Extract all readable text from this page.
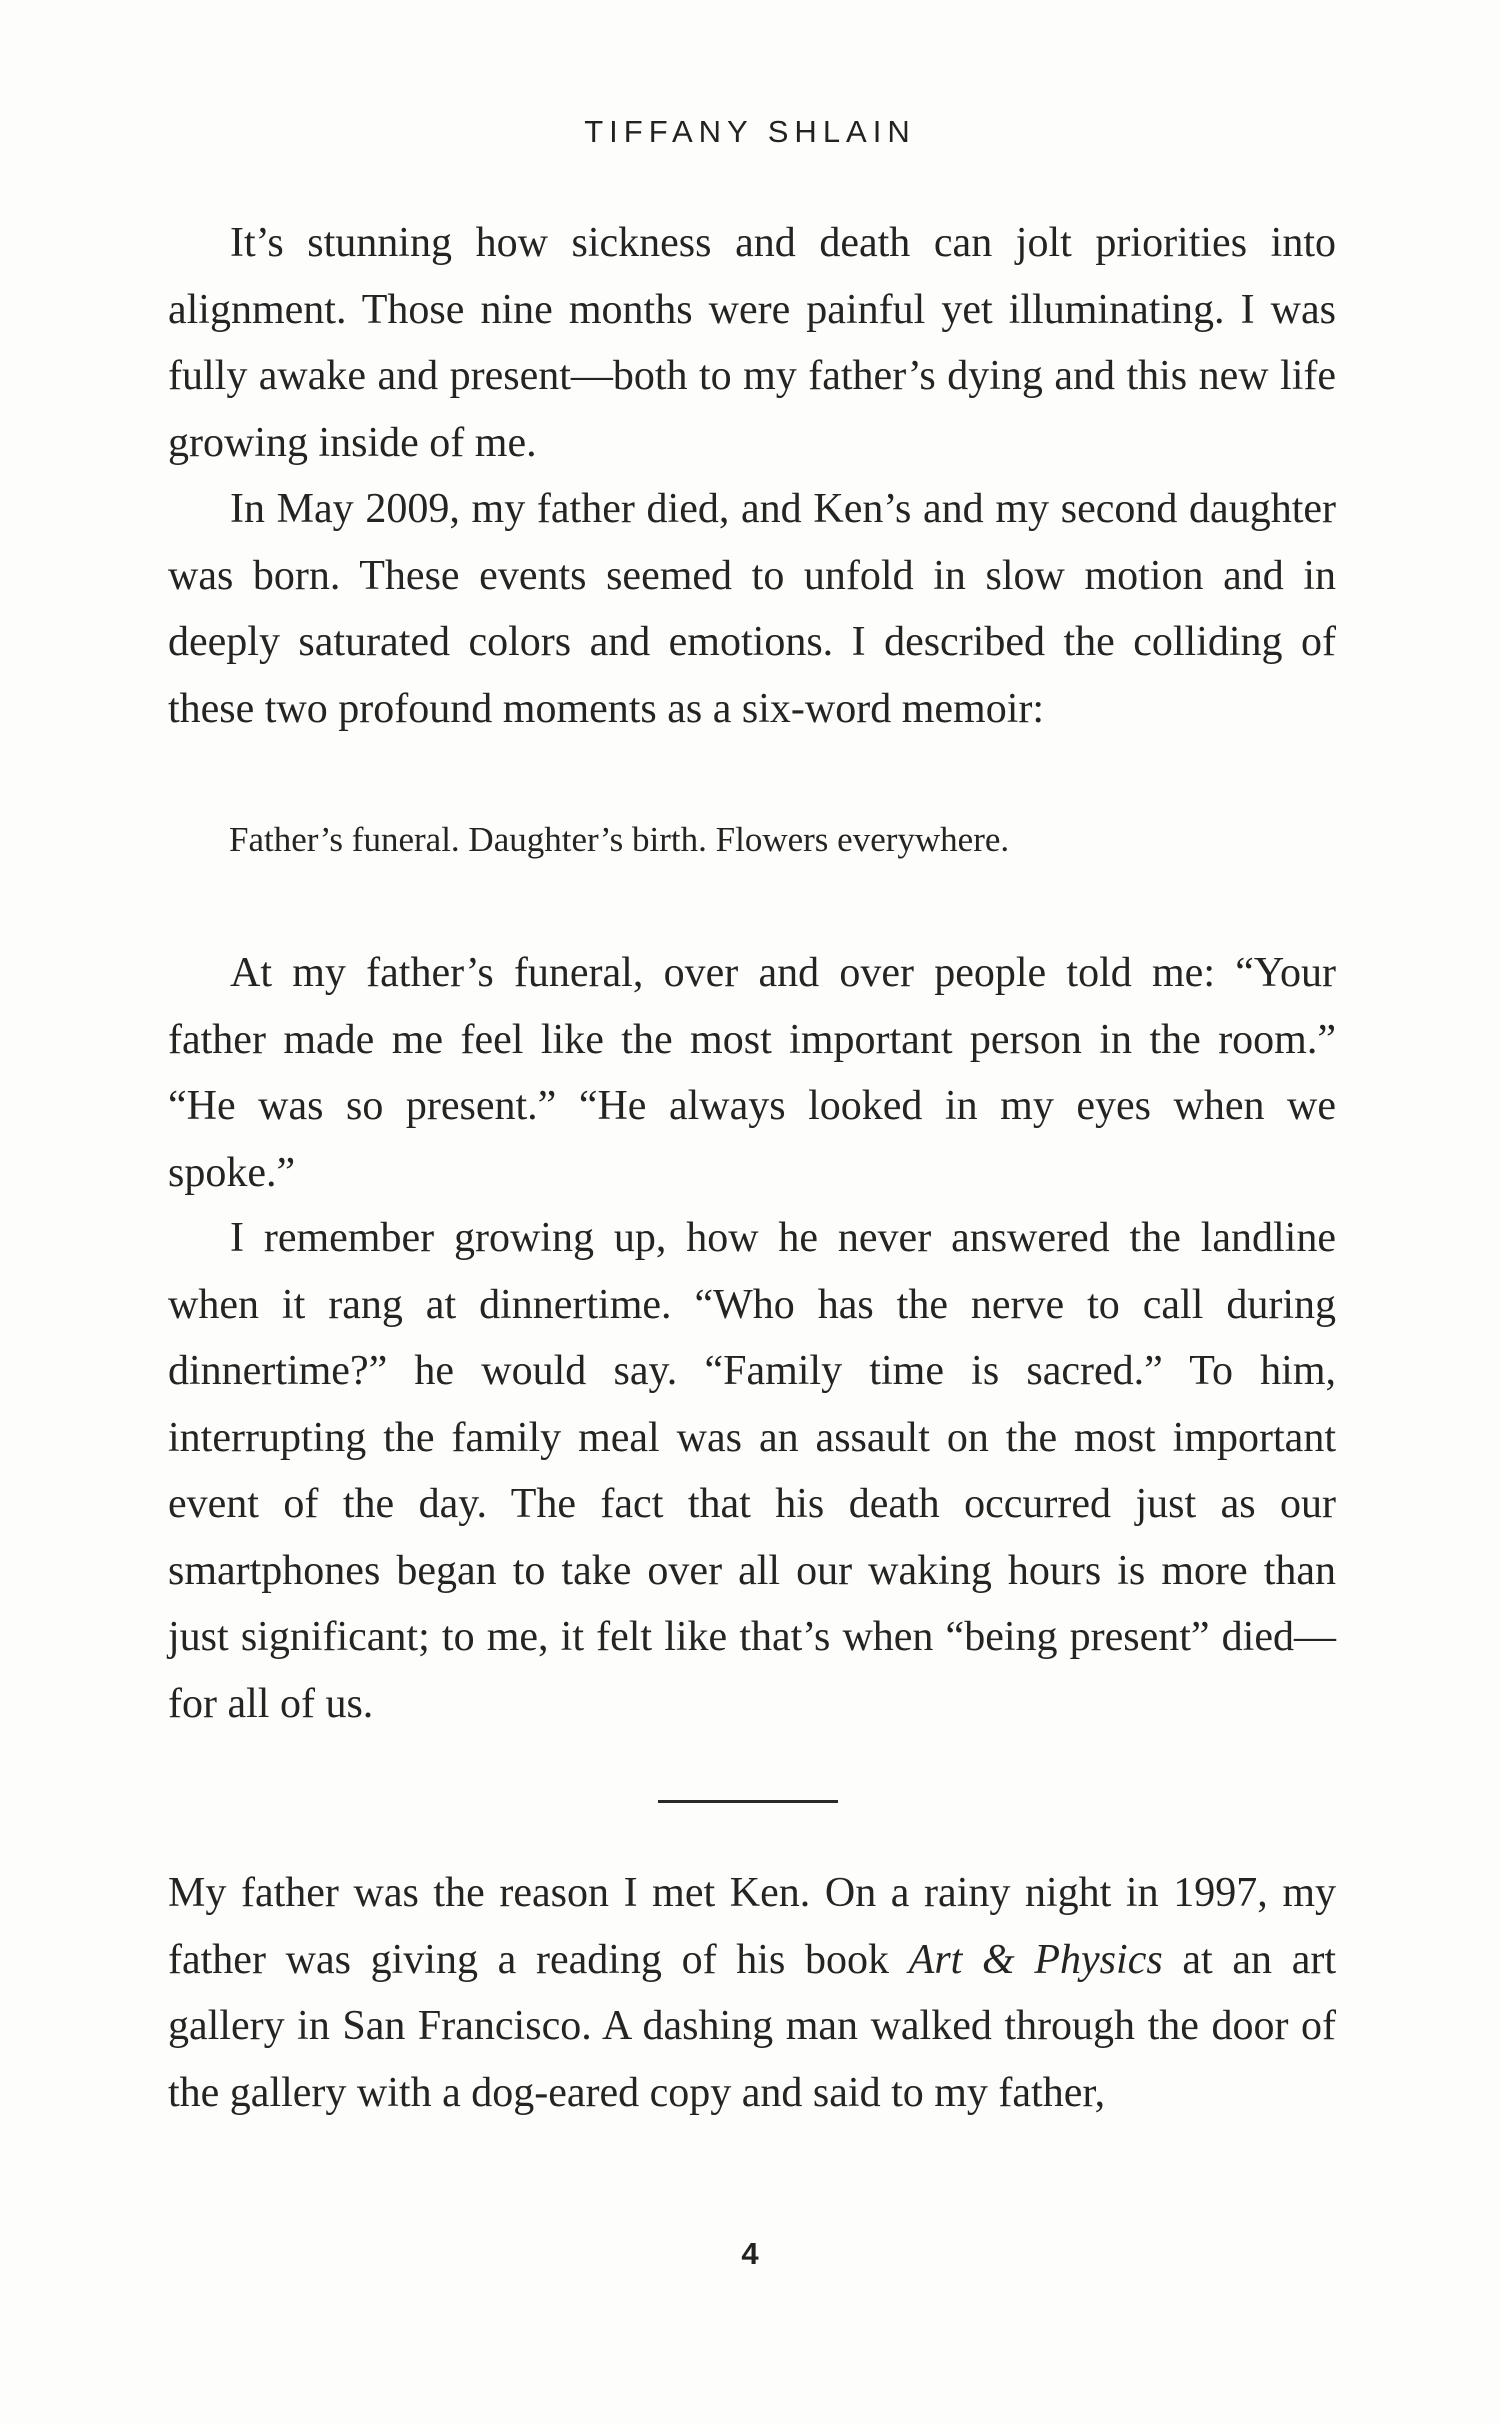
TIFFANY SHLAIN

It’s stunning how sickness and death can jolt priorities into alignment. Those nine months were painful yet illuminating. I was fully awake and present—both to my father’s dying and this new life growing inside of me.

In May 2009, my father died, and Ken’s and my second daughter was born. These events seemed to unfold in slow motion and in deeply saturated colors and emotions. I described the colliding of these two profound moments as a six-word memoir:

Father’s funeral. Daughter’s birth. Flowers everywhere.

At my father’s funeral, over and over people told me: “Your father made me feel like the most important person in the room.” “He was so present.” “He always looked in my eyes when we spoke.”

I remember growing up, how he never answered the landline when it rang at dinnertime. “Who has the nerve to call during dinnertime?” he would say. “Family time is sacred.” To him, interrupting the family meal was an assault on the most important event of the day. The fact that his death occurred just as our smartphones began to take over all our waking hours is more than just significant; to me, it felt like that’s when “being present” died—for all of us.

My father was the reason I met Ken. On a rainy night in 1997, my father was giving a reading of his book Art & Physics at an art gallery in San Francisco. A dashing man walked through the door of the gallery with a dog-eared copy and said to my father,

4
